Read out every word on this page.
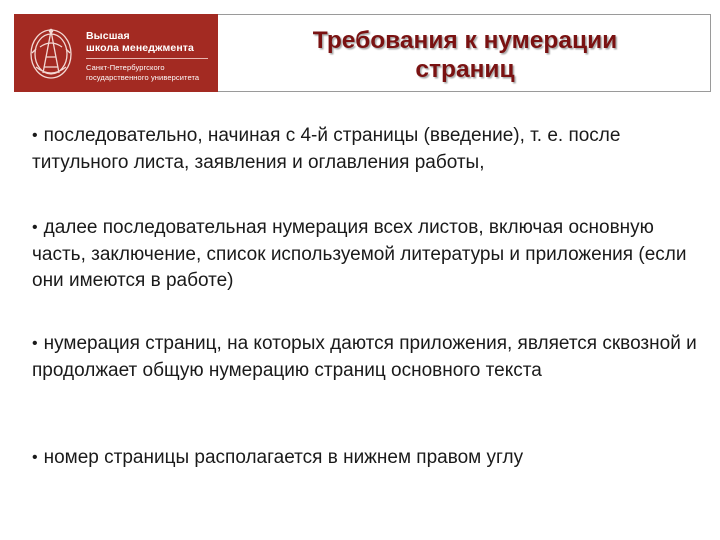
Высшая
школа менеджмента
Санкт-Петербургского
государственного университета
Требования к нумерации
страниц

• последовательно, начиная с 4-й страницы (введение), т. е. после титульного листа, заявления и оглавления работы,

• далее последовательная нумерация всех листов, включая основную часть, заключение, список используемой литературы и приложения (если они имеются в работе)

• нумерация страниц, на которых даются приложения, является сквозной и продолжает общую нумерацию страниц основного текста

• номер страницы располагается в нижнем правом углу
